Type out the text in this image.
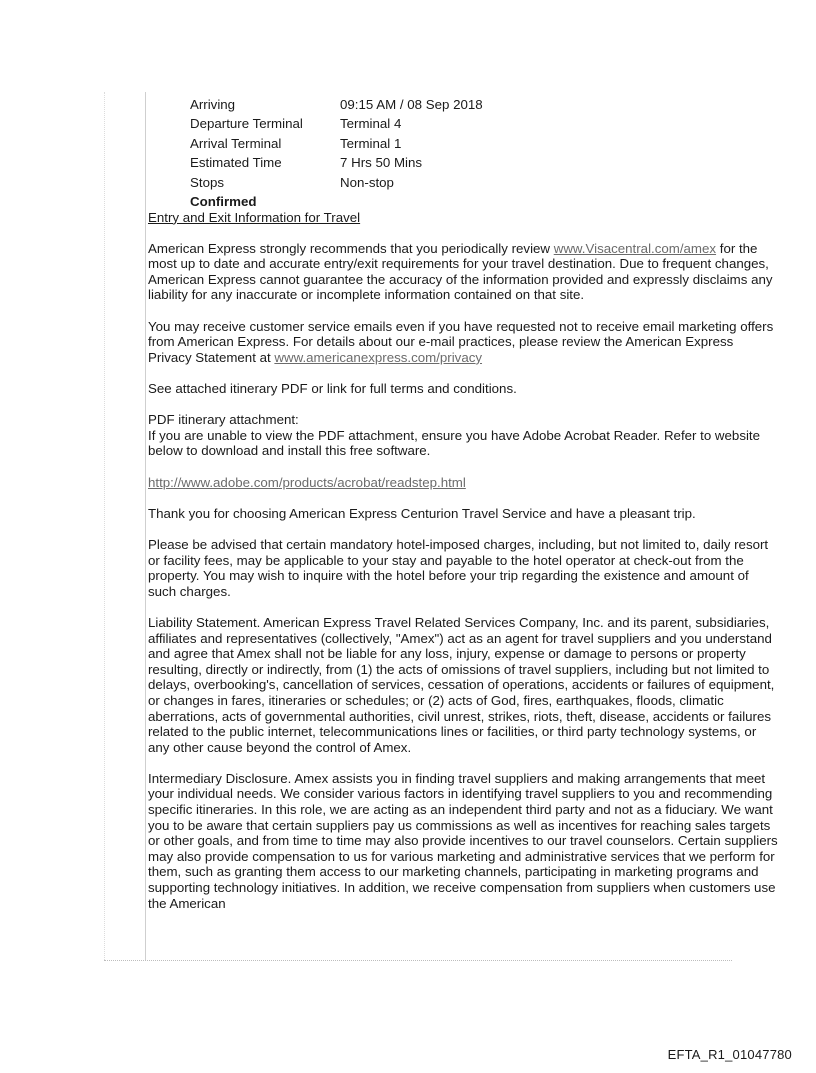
Arriving	09:15 AM / 08 Sep 2018
Departure Terminal	Terminal 4
Arrival Terminal	Terminal 1
Estimated Time	7 Hrs 50 Mins
Stops	Non-stop
Confirmed
Entry and Exit Information for Travel

American Express strongly recommends that you periodically review www.Visacentral.com/amex for the most up to date and accurate entry/exit requirements for your travel destination. Due to frequent changes, American Express cannot guarantee the accuracy of the information provided and expressly disclaims any liability for any inaccurate or incomplete information contained on that site.

You may receive customer service emails even if you have requested not to receive email marketing offers from American Express. For details about our e-mail practices, please review the American Express Privacy Statement at www.americanexpress.com/privacy

See attached itinerary PDF or link for full terms and conditions.

PDF itinerary attachment:
If you are unable to view the PDF attachment, ensure you have Adobe Acrobat Reader. Refer to website below to download and install this free software.

http://www.adobe.com/products/acrobat/readstep.html

Thank you for choosing American Express Centurion Travel Service and have a pleasant trip.

Please be advised that certain mandatory hotel-imposed charges, including, but not limited to, daily resort or facility fees, may be applicable to your stay and payable to the hotel operator at check-out from the property. You may wish to inquire with the hotel before your trip regarding the existence and amount of such charges.

Liability Statement. American Express Travel Related Services Company, Inc. and its parent, subsidiaries, affiliates and representatives (collectively, "Amex") act as an agent for travel suppliers and you understand and agree that Amex shall not be liable for any loss, injury, expense or damage to persons or property resulting, directly or indirectly, from (1) the acts of omissions of travel suppliers, including but not limited to delays, overbooking's, cancellation of services, cessation of operations, accidents or failures of equipment, or changes in fares, itineraries or schedules; or (2) acts of God, fires, earthquakes, floods, climatic aberrations, acts of governmental authorities, civil unrest, strikes, riots, theft, disease, accidents or failures related to the public internet, telecommunications lines or facilities, or third party technology systems, or any other cause beyond the control of Amex.

Intermediary Disclosure. Amex assists you in finding travel suppliers and making arrangements that meet your individual needs. We consider various factors in identifying travel suppliers to you and recommending specific itineraries. In this role, we are acting as an independent third party and not as a fiduciary. We want you to be aware that certain suppliers pay us commissions as well as incentives for reaching sales targets or other goals, and from time to time may also provide incentives to our travel counselors. Certain suppliers may also provide compensation to us for various marketing and administrative services that we perform for them, such as granting them access to our marketing channels, participating in marketing programs and supporting technology initiatives. In addition, we receive compensation from suppliers when customers use the American

EFTA_R1_01047780
